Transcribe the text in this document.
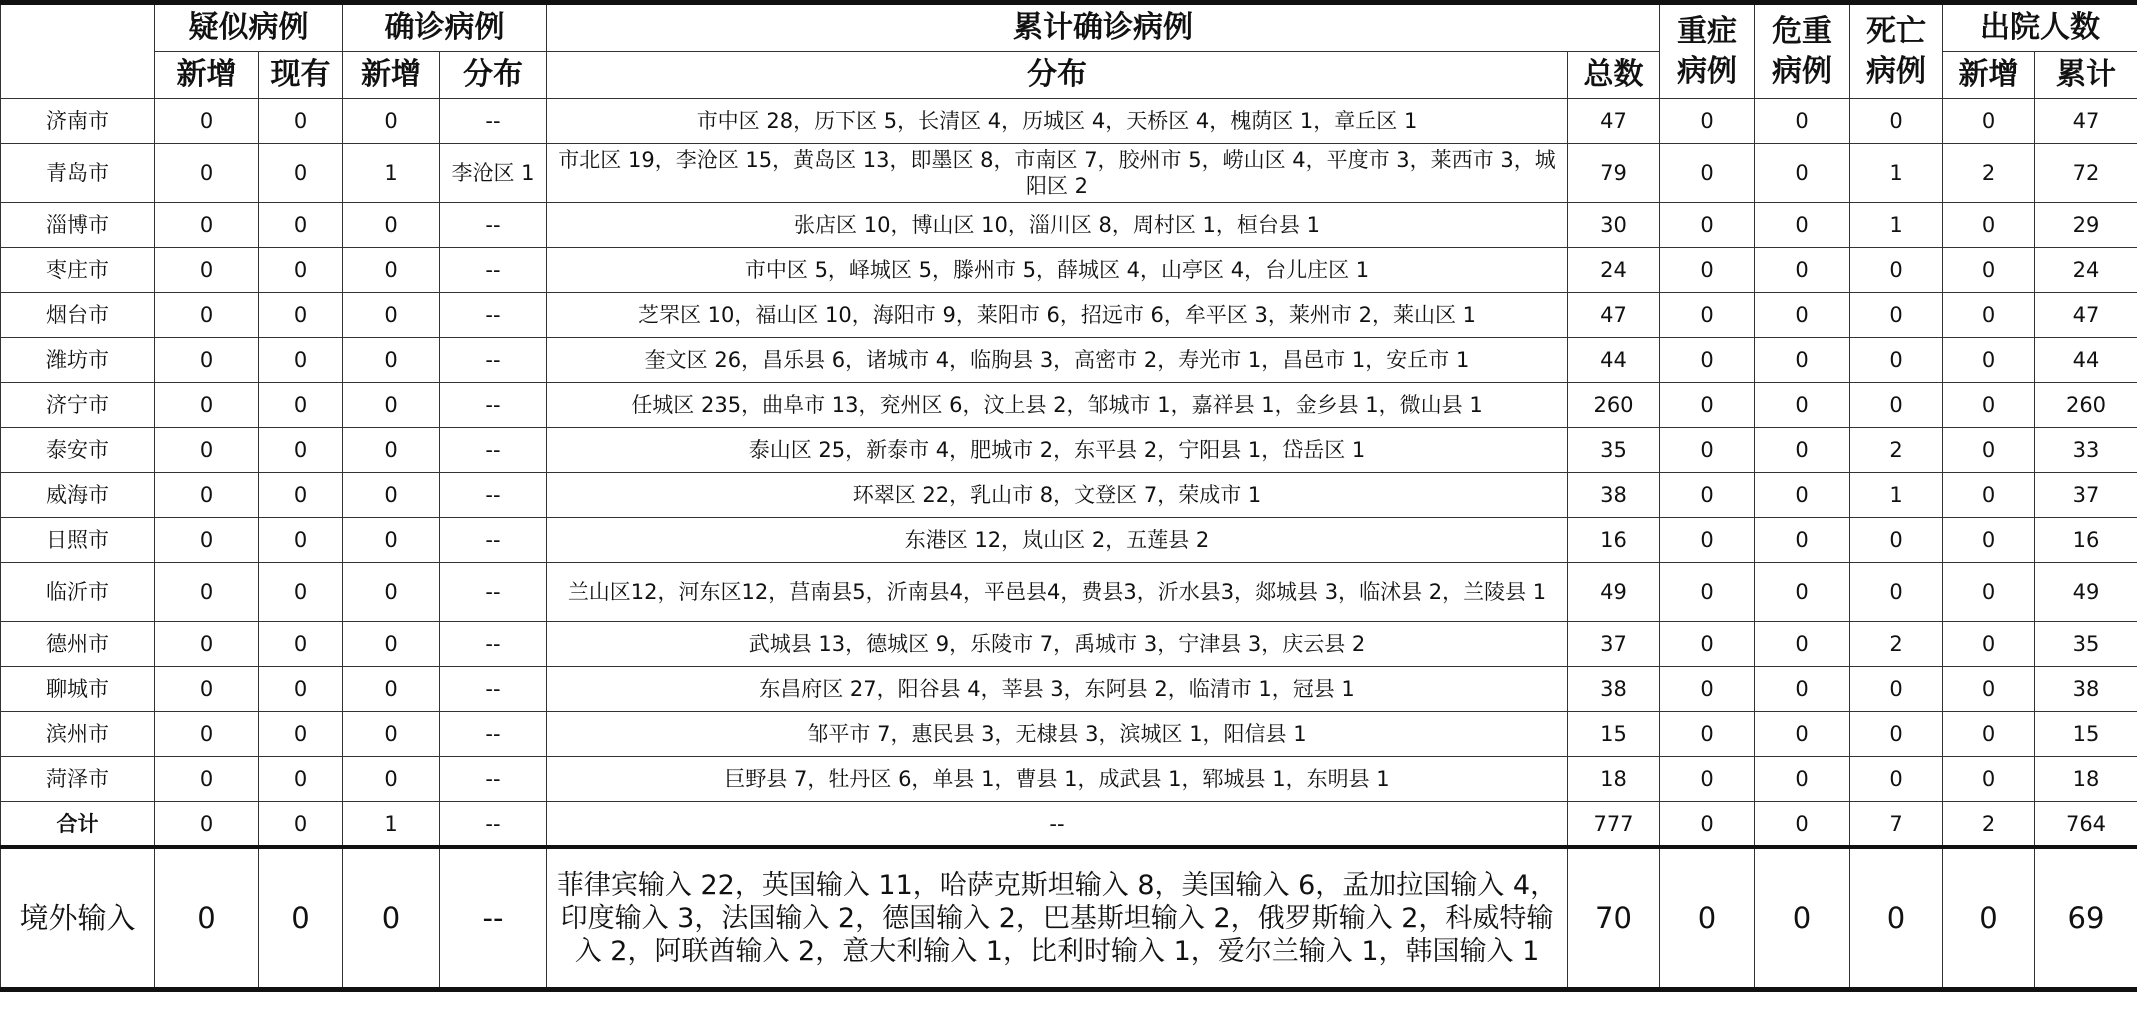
	疑似病例		确诊病例		累计确诊病例		重症病例	危重病例	死亡病例	出院人数	
	新增	现有	新增	分布	分布	总数				新增	累计
济南市	0	0	0	--	市中区 28，历下区 5，长清区 4，历城区 4，天桥区 4，槐荫区 1，章丘区 1	47	0	0	0	0	47
青岛市	0	0	1	李沧区 1	市北区 19，李沧区 15，黄岛区 13，即墨区 8，市南区 7，胶州市 5，崂山区 4，平度市 3，莱西市 3，城阳区 2	79	0	0	1	2	72
淄博市	0	0	0	--	张店区 10，博山区 10，淄川区 8，周村区 1，桓台县 1	30	0	0	1	0	29
枣庄市	0	0	0	--	市中区 5，峄城区 5，滕州市 5，薛城区 4，山亭区 4，台儿庄区 1	24	0	0	0	0	24
烟台市	0	0	0	--	芝罘区 10，福山区 10，海阳市 9，莱阳市 6，招远市 6，牟平区 3，莱州市 2，莱山区 1	47	0	0	0	0	47
潍坊市	0	0	0	--	奎文区 26，昌乐县 6，诸城市 4，临朐县 3，高密市 2，寿光市 1，昌邑市 1，安丘市 1	44	0	0	0	0	44
济宁市	0	0	0	--	任城区 235，曲阜市 13，兖州区 6，汶上县 2，邹城市 1，嘉祥县 1，金乡县 1，微山县 1	260	0	0	0	0	260
泰安市	0	0	0	--	泰山区 25，新泰市 4，肥城市 2，东平县 2，宁阳县 1，岱岳区 1	35	0	0	2	0	33
威海市	0	0	0	--	环翠区 22，乳山市 8，文登区 7，荣成市 1	38	0	0	1	0	37
日照市	0	0	0	--	东港区 12，岚山区 2，五莲县 2	16	0	0	0	0	16
临沂市	0	0	0	--	兰山区12，河东区12，莒南县5，沂南县4，平邑县4，费县3，沂水县3，郯城县 3，临沭县 2，兰陵县 1	49	0	0	0	0	49
德州市	0	0	0	--	武城县 13，德城区 9，乐陵市 7，禹城市 3，宁津县 3，庆云县 2	37	0	0	2	0	35
聊城市	0	0	0	--	东昌府区 27，阳谷县 4，莘县 3，东阿县 2，临清市 1，冠县 1	38	0	0	0	0	38
滨州市	0	0	0	--	邹平市 7，惠民县 3，无棣县 3，滨城区 1，阳信县 1	15	0	0	0	0	15
菏泽市	0	0	0	--	巨野县 7，牡丹区 6，单县 1，曹县 1，成武县 1，郓城县 1，东明县 1	18	0	0	0	0	18
合计	0	0	1	--	--	777	0	0	7	2	764
境外输入	0	0	0	--	菲律宾输入 22，英国输入 11，哈萨克斯坦输入 8，美国输入 6，孟加拉国输入 4，印度输入 3，法国输入 2，德国输入 2，巴基斯坦输入 2，俄罗斯输入 2，科威特输入 2，阿联酋输入 2，意大利输入 1，比利时输入 1，爱尔兰输入 1，韩国输入 1	70	0	0	0	0	69
